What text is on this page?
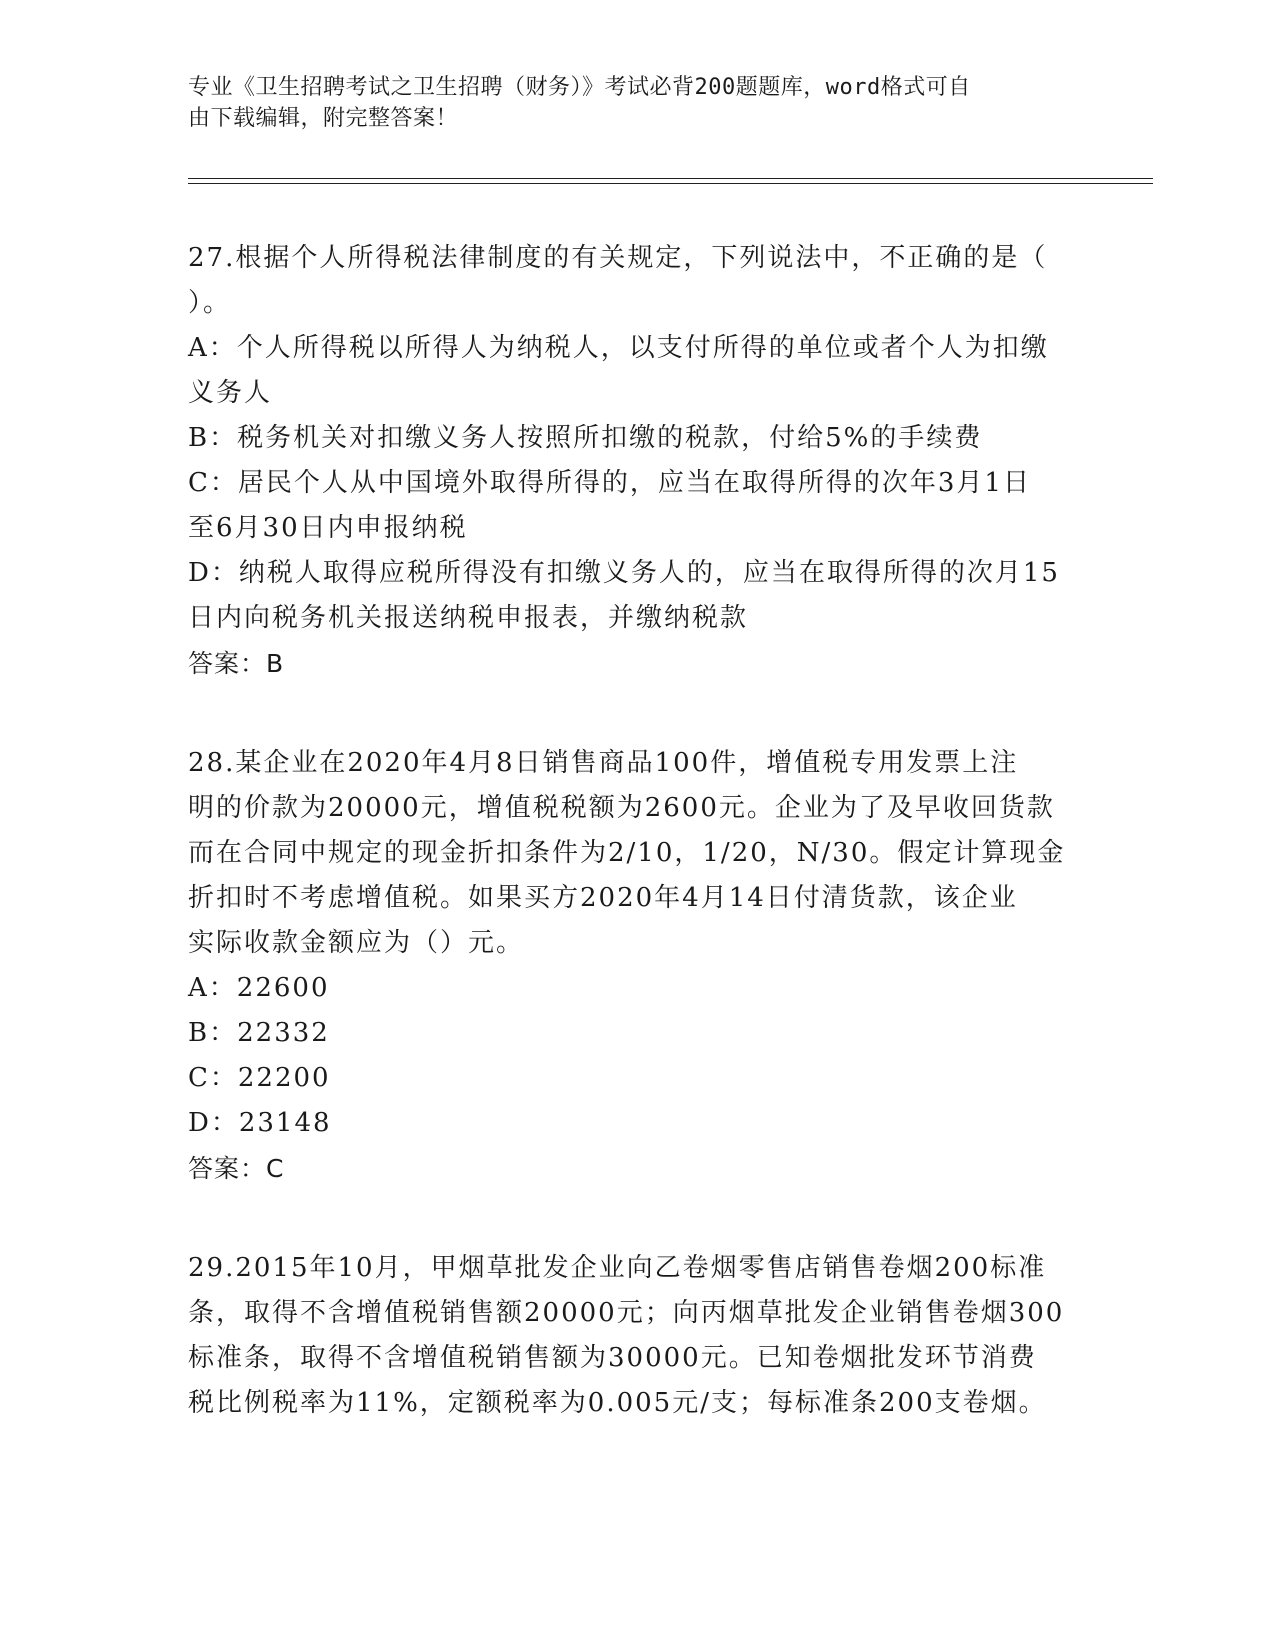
专业《卫生招聘考试之卫生招聘（财务）》考试必背200题题库，word格式可自
由下载编辑，附完整答案！
27.根据个人所得税法律制度的有关规定，下列说法中，不正确的是（
）。
A：个人所得税以所得人为纳税人，以支付所得的单位或者个人为扣缴
义务人
B：税务机关对扣缴义务人按照所扣缴的税款，付给5%的手续费
C：居民个人从中国境外取得所得的，应当在取得所得的次年3月1日
至6月30日内申报纳税
D：纳税人取得应税所得没有扣缴义务人的，应当在取得所得的次月15
日内向税务机关报送纳税申报表，并缴纳税款
答案：B
28.某企业在2020年4月8日销售商品100件，增值税专用发票上注
明的价款为20000元，增值税税额为2600元。企业为了及早收回货款
而在合同中规定的现金折扣条件为2/10，1/20，N/30。假定计算现金
折扣时不考虑增值税。如果买方2020年4月14日付清货款，该企业
实际收款金额应为（）元。
A：22600
B：22332
C：22200
D：23148
答案：C
29.2015年10月，甲烟草批发企业向乙卷烟零售店销售卷烟200标准
条，取得不含增值税销售额20000元；向丙烟草批发企业销售卷烟300
标准条，取得不含增值税销售额为30000元。已知卷烟批发环节消费
税比例税率为11%，定额税率为0.005元/支；每标准条200支卷烟。
